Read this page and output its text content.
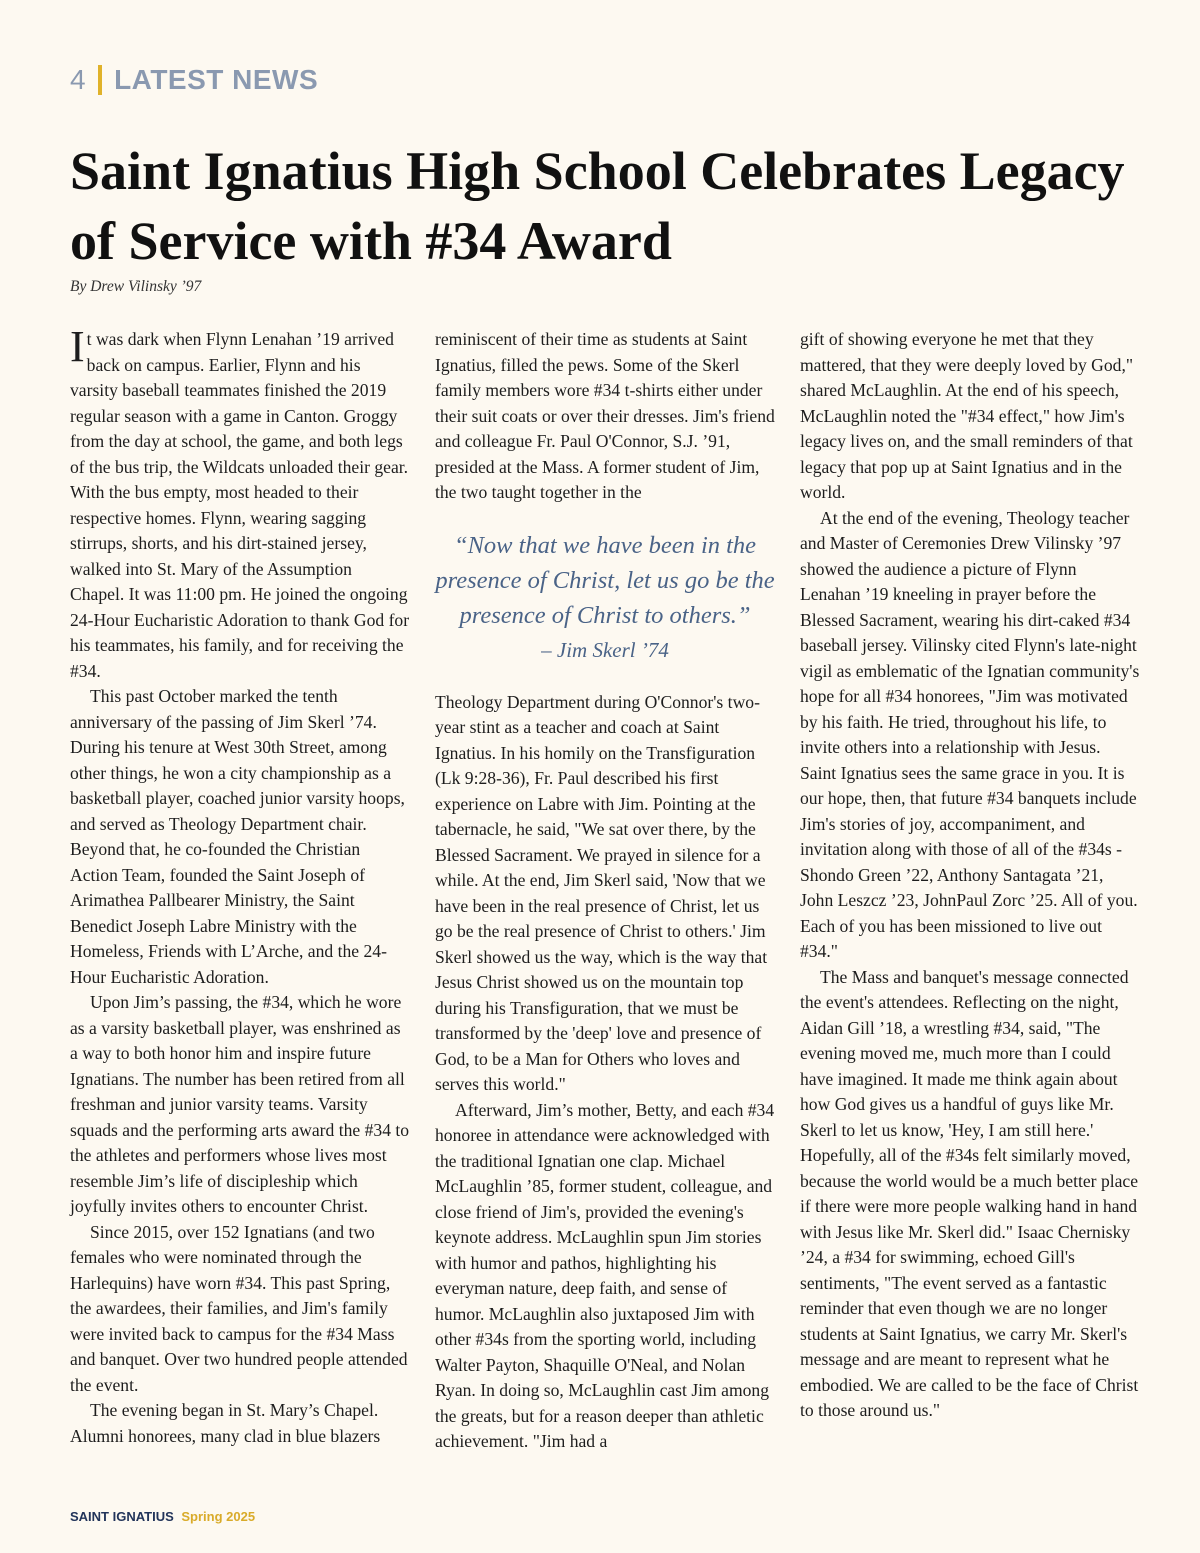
4 LATEST NEWS
Saint Ignatius High School Celebrates Legacy of Service with #34 Award
By Drew Vilinsky ’97

It was dark when Flynn Lenahan ’19 arrived back on campus. Earlier, Flynn and his varsity baseball teammates finished the 2019 regular season with a game in Canton. Groggy from the day at school, the game, and both legs of the bus trip, the Wildcats unloaded their gear. With the bus empty, most headed to their respective homes. Flynn, wearing sagging stirrups, shorts, and his dirt-stained jersey, walked into St. Mary of the Assumption Chapel. It was 11:00 pm. He joined the ongoing 24-Hour Eucharistic Adoration to thank God for his teammates, his family, and for receiving the #34.

This past October marked the tenth anniversary of the passing of Jim Skerl ’74. During his tenure at West 30th Street, among other things, he won a city championship as a basketball player, coached junior varsity hoops, and served as Theology Department chair. Beyond that, he co-founded the Christian Action Team, founded the Saint Joseph of Arimathea Pallbearer Ministry, the Saint Benedict Joseph Labre Ministry with the Homeless, Friends with L’Arche, and the 24-Hour Eucharistic Adoration.

Upon Jim’s passing, the #34, which he wore as a varsity basketball player, was enshrined as a way to both honor him and inspire future Ignatians. The number has been retired from all freshman and junior varsity teams. Varsity squads and the performing arts award the #34 to the athletes and performers whose lives most resemble Jim’s life of discipleship which joyfully invites others to encounter Christ.

Since 2015, over 152 Ignatians (and two females who were nominated through the Harlequins) have worn #34. This past Spring, the awardees, their families, and Jim's family were invited back to campus for the #34 Mass and banquet. Over two hundred people attended the event.

The evening began in St. Mary’s Chapel. Alumni honorees, many clad in blue blazers

reminiscent of their time as students at Saint Ignatius, filled the pews. Some of the Skerl family members wore #34 t-shirts either under their suit coats or over their dresses. Jim's friend and colleague Fr. Paul O'Connor, S.J. ’91, presided at the Mass. A former student of Jim, the two taught together in the

“Now that we have been in the presence of Christ, let us go be the presence of Christ to others.”
– Jim Skerl ’74

Theology Department during O'Connor's two-year stint as a teacher and coach at Saint Ignatius. In his homily on the Transfiguration (Lk 9:28-36), Fr. Paul described his first experience on Labre with Jim. Pointing at the tabernacle, he said, "We sat over there, by the Blessed Sacrament. We prayed in silence for a while. At the end, Jim Skerl said, 'Now that we have been in the real presence of Christ, let us go be the real presence of Christ to others.' Jim Skerl showed us the way, which is the way that Jesus Christ showed us on the mountain top during his Transfiguration, that we must be transformed by the 'deep' love and presence of God, to be a Man for Others who loves and serves this world."

Afterward, Jim’s mother, Betty, and each #34 honoree in attendance were acknowledged with the traditional Ignatian one clap. Michael McLaughlin ’85, former student, colleague, and close friend of Jim's, provided the evening's keynote address. McLaughlin spun Jim stories with humor and pathos, highlighting his everyman nature, deep faith, and sense of humor. McLaughlin also juxtaposed Jim with other #34s from the sporting world, including Walter Payton, Shaquille O'Neal, and Nolan Ryan. In doing so, McLaughlin cast Jim among the greats, but for a reason deeper than athletic achievement. "Jim had a

gift of showing everyone he met that they mattered, that they were deeply loved by God," shared McLaughlin. At the end of his speech, McLaughlin noted the "#34 effect," how Jim's legacy lives on, and the small reminders of that legacy that pop up at Saint Ignatius and in the world.

At the end of the evening, Theology teacher and Master of Ceremonies Drew Vilinsky ’97 showed the audience a picture of Flynn Lenahan ’19 kneeling in prayer before the Blessed Sacrament, wearing his dirt-caked #34 baseball jersey. Vilinsky cited Flynn's late-night vigil as emblematic of the Ignatian community's hope for all #34 honorees, "Jim was motivated by his faith. He tried, throughout his life, to invite others into a relationship with Jesus. Saint Ignatius sees the same grace in you. It is our hope, then, that future #34 banquets include Jim's stories of joy, accompaniment, and invitation along with those of all of the #34s - Shondo Green ’22, Anthony Santagata ’21, John Leszcz ’23, JohnPaul Zorc ’25. All of you. Each of you has been missioned to live out #34."

The Mass and banquet's message connected the event's attendees. Reflecting on the night, Aidan Gill ’18, a wrestling #34, said, "The evening moved me, much more than I could have imagined. It made me think again about how God gives us a handful of guys like Mr. Skerl to let us know, 'Hey, I am still here.' Hopefully, all of the #34s felt similarly moved, because the world would be a much better place if there were more people walking hand in hand with Jesus like Mr. Skerl did." Isaac Chernisky ’24, a #34 for swimming, echoed Gill's sentiments, "The event served as a fantastic reminder that even though we are no longer students at Saint Ignatius, we carry Mr. Skerl's message and are meant to represent what he embodied. We are called to be the face of Christ to those around us."

SAINT IGNATIUS Spring 2025
